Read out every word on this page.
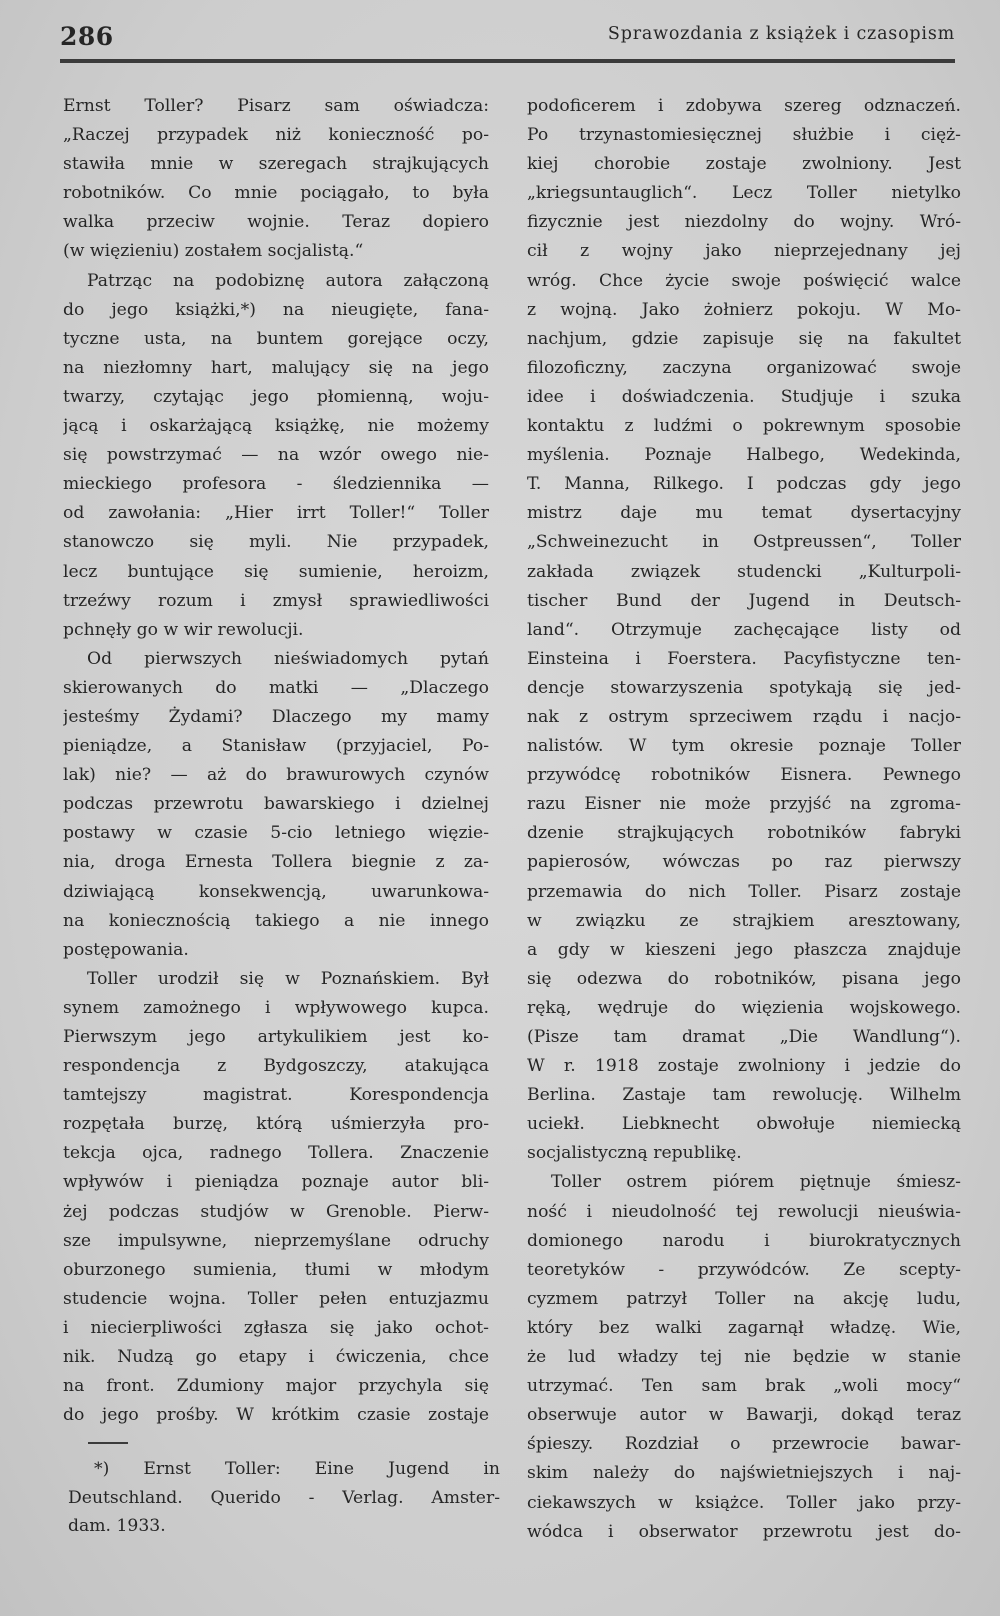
286	Sprawozdania z książek i czasopism
Ernst Toller? Pisarz sam oświadcza:
„Raczej przypadek niż konieczność po-
stawiła mnie w szeregach strajkujących
robotników. Co mnie pociągało, to była
walka przeciw wojnie. Teraz dopiero
(w więzieniu) zostałem socjalistą.“
Patrząc na podobiznę autora załączoną
do jego książki,*) na nieugięte, fana-
tyczne usta, na buntem gorejące oczy,
na niezłomny hart, malujący się na jego
twarzy, czytając jego płomienną, woju-
jącą i oskarżającą książkę, nie możemy
się powstrzymać — na wzór owego nie-
mieckiego profesora - śledziennika —
od zawołania: „Hier irrt Toller!“ Toller
stanowczo się myli. Nie przypadek,
lecz buntujące się sumienie, heroizm,
trzeźwy rozum i zmysł sprawiedliwości
pchnęły go w wir rewolucji.
Od pierwszych nieświadomych pytań
skierowanych do matki — „Dlaczego
jesteśmy Żydami? Dlaczego my mamy
pieniądze, a Stanisław (przyjaciel, Po-
lak) nie? — aż do brawurowych czynów
podczas przewrotu bawarskiego i dzielnej
postawy w czasie 5-cio letniego więzie-
nia, droga Ernesta Tollera biegnie z za-
dziwiającą konsekwencją, uwarunkowa-
na koniecznością takiego a nie innego
postępowania.
Toller urodził się w Poznańskiem. Był
synem zamożnego i wpływowego kupca.
Pierwszym jego artykulikiem jest ko-
respondencja z Bydgoszczy, atakująca
tamtejszy magistrat. Korespondencja
rozpętała burzę, którą uśmierzyła pro-
tekcja ojca, radnego Tollera. Znaczenie
wpływów i pieniądza poznaje autor bli-
żej podczas studjów w Grenoble. Pierw-
sze impulsywne, nieprzemyślane odruchy
oburzonego sumienia, tłumi w młodym
studencie wojna. Toller pełen entuzjazmu
i niecierpliwości zgłasza się jako ochot-
nik. Nudzą go etapy i ćwiczenia, chce
na front. Zdumiony major przychyla się
do jego prośby. W krótkim czasie zostaje
podoficerem i zdobywa szereg odznaczeń.
Po trzynastomiesięcznej służbie i cięż-
kiej chorobie zostaje zwolniony. Jest
„kriegsuntauglich“. Lecz Toller nietylko
fizycznie jest niezdolny do wojny. Wró-
cił z wojny jako nieprzejednany jej
wróg. Chce życie swoje poświęcić walce
z wojną. Jako żołnierz pokoju. W Mo-
nachjum, gdzie zapisuje się na fakultet
filozoficzny, zaczyna organizować swoje
idee i doświadczenia. Studjuje i szuka
kontaktu z ludźmi o pokrewnym sposobie
myślenia. Poznaje Halbego, Wedekinda,
T. Manna, Rilkego. I podczas gdy jego
mistrz daje mu temat dysertacyjny
„Schweinezucht in Ostpreussen“, Toller
zakłada związek studencki „Kulturpoli-
tischer Bund der Jugend in Deutsch-
land“. Otrzymuje zachęcające listy od
Einsteina i Foerstera. Pacyfistyczne ten-
dencje stowarzyszenia spotykają się jed-
nak z ostrym sprzeciwem rządu i nacjo-
nalistów. W tym okresie poznaje Toller
przywódcę robotników Eisnera. Pewnego
razu Eisner nie może przyjść na zgroma-
dzenie strajkujących robotników fabryki
papierosów, wówczas po raz pierwszy
przemawia do nich Toller. Pisarz zostaje
w związku ze strajkiem aresztowany,
a gdy w kieszeni jego płaszcza znajduje
się odezwa do robotników, pisana jego
ręką, wędruje do więzienia wojskowego.
(Pisze tam dramat „Die Wandlung“).
W r. 1918 zostaje zwolniony i jedzie do
Berlina. Zastaje tam rewolucję. Wilhelm
uciekł. Liebknecht obwołuje niemiecką
socjalistyczną republikę.
Toller ostrem piórem piętnuje śmiesz-
ność i nieudolność tej rewolucji nieuświa-
domionego narodu i biurokratycznych
teoretyków - przywódców. Ze scepty-
cyzmem patrzył Toller na akcję ludu,
który bez walki zagarnął władzę. Wie,
że lud władzy tej nie będzie w stanie
utrzymać. Ten sam brak „woli mocy“
obserwuje autor w Bawarji, dokąd teraz
śpieszy. Rozdział o przewrocie bawar-
skim należy do najświetniejszych i naj-
ciekawszych w książce. Toller jako przy-
wódca i obserwator przewrotu jest do-
*) Ernst Toller: Eine Jugend in
Deutschland. Querido - Verlag. Amster-
dam. 1933.
